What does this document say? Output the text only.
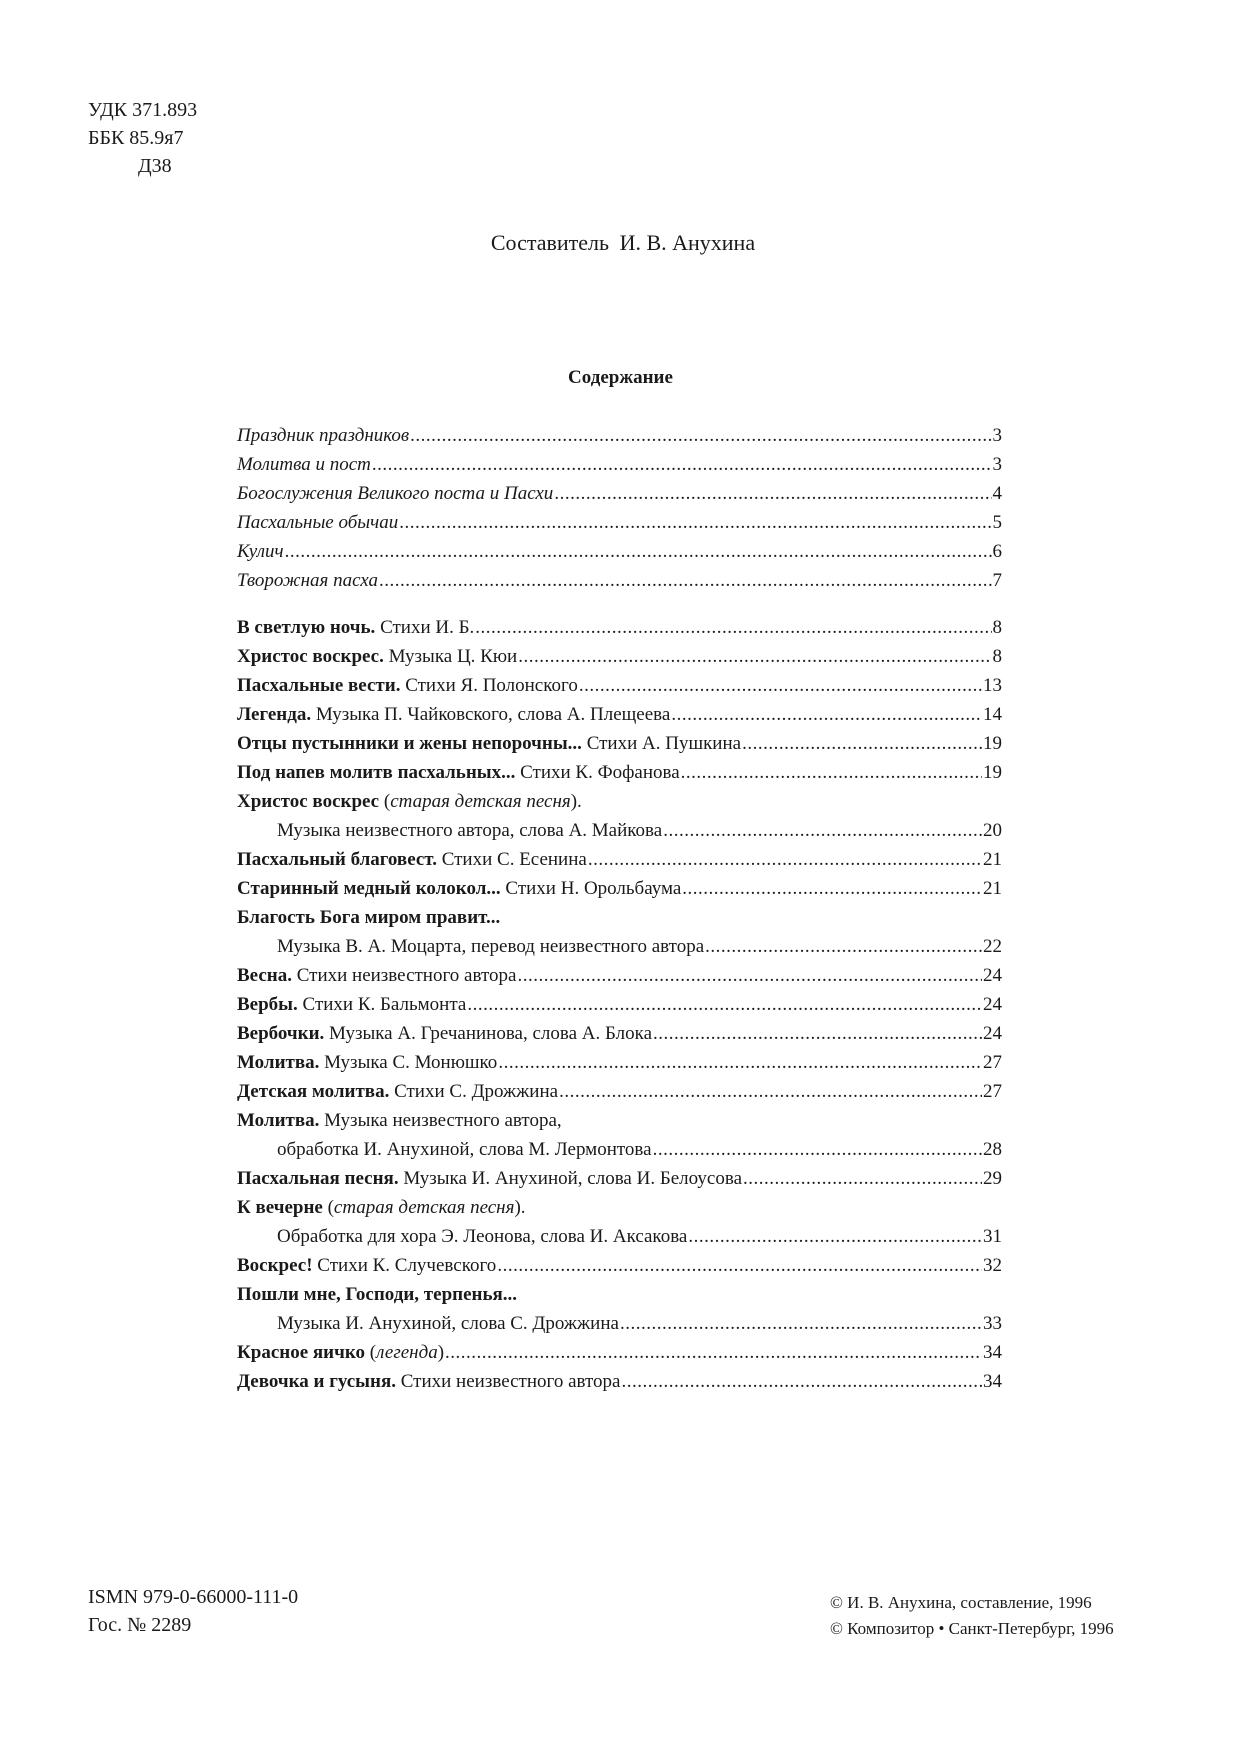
УДК 371.893
ББК 85.9я7
Д38
Составитель И. В. Анухина
Содержание
Праздник праздников .....	3
Молитва и пост .....	3
Богослужения Великого поста и Пасхи .....	4
Пасхальные обычаи .....	5
Кулич .....	6
Творожная пасха .....	7
В светлую ночь. Стихи И. Б. .....	8
Христос воскрес. Музыка Ц. Кюи .....	8
Пасхальные вести. Стихи Я. Полонского .....	13
Легенда. Музыка П. Чайковского, слова А. Плещеева .....	14
Отцы пустынники и жены непорочны... Стихи А. Пушкина .....	19
Под напев молитв пасхальных... Стихи К. Фофанова .....	19
Христос воскрес (старая детская песня).
Музыка неизвестного автора, слова А. Майкова .....	20
Пасхальный благовест. Стихи С. Есенина .....	21
Старинный медный колокол... Стихи Н. Орольбаума .....	21
Благость Бога миром правит...
Музыка В. А. Моцарта, перевод неизвестного автора .....	22
Весна. Стихи неизвестного автора .....	24
Вербы. Стихи К. Бальмонта .....	24
Вербочки. Музыка А. Гречанинова, слова А. Блока .....	24
Молитва. Музыка С. Монюшко .....	27
Детская молитва. Стихи С. Дрожжина .....	27
Молитва. Музыка неизвестного автора,
обработка И. Анухиной, слова М. Лермонтова .....	28
Пасхальная песня. Музыка И. Анухиной, слова И. Белоусова .....	29
К вечерне (старая детская песня).
Обработка для хора Э. Леонова, слова И. Аксакова .....	31
Воскрес! Стихи К. Случевского .....	32
Пошли мне, Господи, терпенья...
Музыка И. Анухиной, слова С. Дрожжина .....	33
Красное яичко (легенда) .....	34
Девочка и гусыня. Стихи неизвестного автора .....	34
ISMN 979-0-66000-111-0
Гос. № 2289
© И. В. Анухина, составление, 1996
© Композитор • Санкт-Петербург, 1996
